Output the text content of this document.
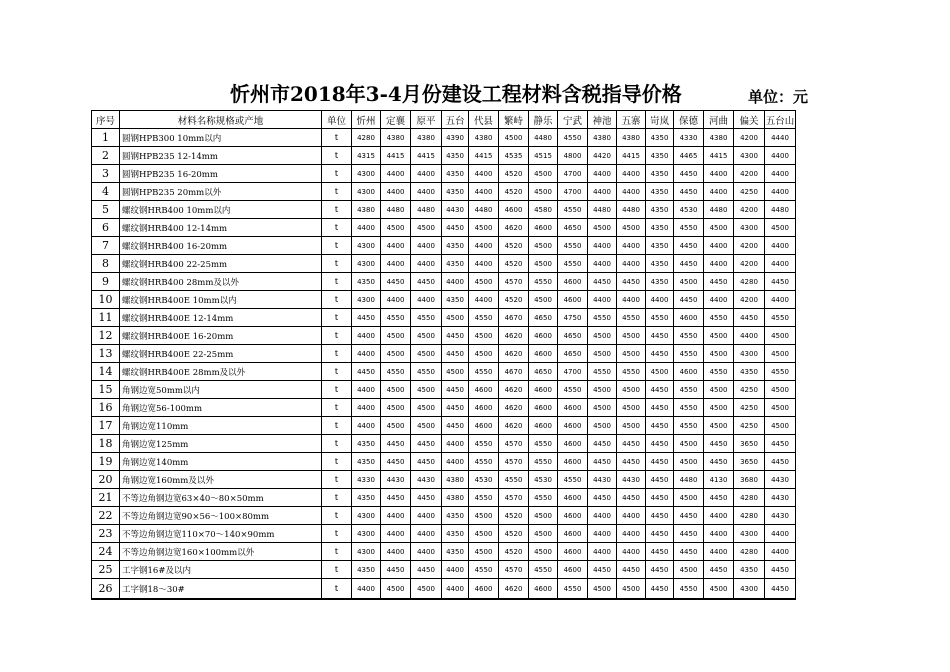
忻州市2018年3-4月份建设工程材料含税指导价格	单位：元
序号	材料名称规格或产地	单位	忻州	定襄	原平	五台	代县	繁峙	静乐	宁武	神池	五寨	岢岚	保德	河曲	偏关	五台山
1	圆钢HPB300 10mm以内	t	4280	4380	4380	4390	4380	4500	4480	4550	4380	4380	4350	4330	4380	4200	4440
2	圆钢HPB235 12-14mm	t	4315	4415	4415	4350	4415	4535	4515	4800	4420	4415	4350	4465	4415	4300	4400
3	圆钢HPB235 16-20mm	t	4300	4400	4400	4350	4400	4520	4500	4700	4400	4400	4350	4450	4400	4200	4400
4	圆钢HPB235 20mm以外	t	4300	4400	4400	4350	4400	4520	4500	4700	4400	4400	4350	4450	4400	4250	4400
5	螺纹钢HRB400 10mm以内	t	4380	4480	4480	4430	4480	4600	4580	4550	4480	4480	4350	4530	4480	4200	4480
6	螺纹钢HRB400 12-14mm	t	4400	4500	4500	4450	4500	4620	4600	4650	4500	4500	4350	4550	4500	4300	4500
7	螺纹钢HRB400 16-20mm	t	4300	4400	4400	4350	4400	4520	4500	4550	4400	4400	4350	4450	4400	4200	4400
8	螺纹钢HRB400 22-25mm	t	4300	4400	4400	4350	4400	4520	4500	4550	4400	4400	4350	4450	4400	4200	4400
9	螺纹钢HRB400 28mm及以外	t	4350	4450	4450	4400	4500	4570	4550	4600	4450	4450	4350	4500	4450	4280	4450
10	螺纹钢HRB400E 10mm以内	t	4300	4400	4400	4350	4400	4520	4500	4600	4400	4400	4400	4450	4400	4200	4400
11	螺纹钢HRB400E 12-14mm	t	4450	4550	4550	4500	4550	4670	4650	4750	4550	4550	4550	4600	4550	4450	4550
12	螺纹钢HRB400E 16-20mm	t	4400	4500	4500	4450	4500	4620	4600	4650	4500	4500	4450	4550	4500	4400	4500
13	螺纹钢HRB400E 22-25mm	t	4400	4500	4500	4450	4500	4620	4600	4650	4500	4500	4450	4550	4500	4300	4500
14	螺纹钢HRB400E 28mm及以外	t	4450	4550	4550	4500	4550	4670	4650	4700	4550	4550	4500	4600	4550	4350	4550
15	角钢边宽50mm以内	t	4400	4500	4500	4450	4600	4620	4600	4550	4500	4500	4450	4550	4500	4250	4500
16	角钢边宽56-100mm	t	4400	4500	4500	4450	4600	4620	4600	4600	4500	4500	4450	4550	4500	4250	4500
17	角钢边宽110mm	t	4400	4500	4500	4450	4600	4620	4600	4600	4500	4500	4450	4550	4500	4250	4500
18	角钢边宽125mm	t	4350	4450	4450	4400	4550	4570	4550	4600	4450	4450	4450	4500	4450	3650	4450
19	角钢边宽140mm	t	4350	4450	4450	4400	4550	4570	4550	4600	4450	4450	4450	4500	4450	3650	4450
20	角钢边宽160mm及以外	t	4330	4430	4430	4380	4530	4550	4530	4550	4430	4430	4450	4480	4130	3680	4430
21	不等边角钢边宽63×40～80×50mm	t	4350	4450	4450	4380	4550	4570	4550	4600	4450	4450	4450	4500	4450	4280	4430
22	不等边角钢边宽90×56～100×80mm	t	4300	4400	4400	4350	4500	4520	4500	4600	4400	4400	4450	4450	4400	4280	4430
23	不等边角钢边宽110×70～140×90mm	t	4300	4400	4400	4350	4500	4520	4500	4600	4400	4400	4450	4450	4400	4300	4400
24	不等边角钢边宽160×100mm以外	t	4300	4400	4400	4350	4500	4520	4500	4600	4400	4400	4450	4450	4400	4280	4400
25	工字钢16#及以内	t	4350	4450	4450	4400	4550	4570	4550	4600	4450	4450	4450	4500	4450	4350	4450
26	工字钢18～30#	t	4400	4500	4500	4400	4600	4620	4600	4550	4500	4500	4450	4550	4500	4300	4450
